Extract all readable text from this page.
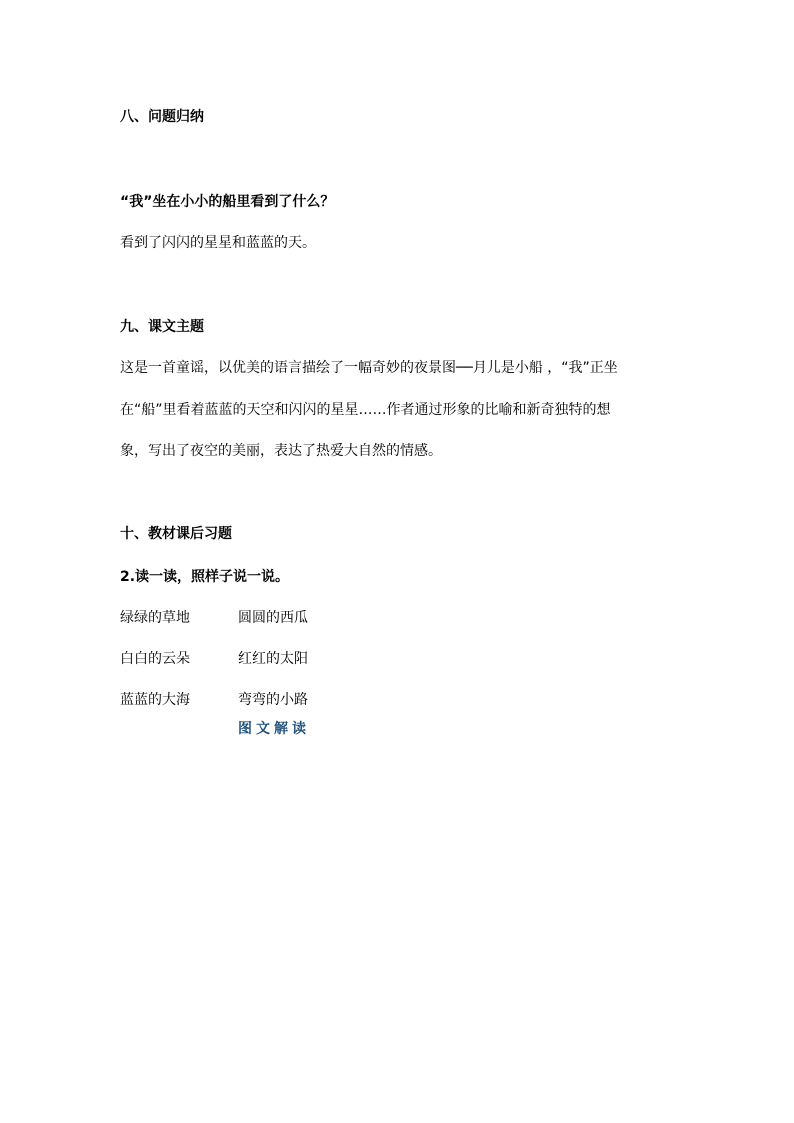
八、问题归纳
“我”坐在小小的船里看到了什么？
看到了闪闪的星星和蓝蓝的天。
九、课文主题
这是一首童谣，以优美的语言描绘了一幅奇妙的夜景图──月儿是小船 ，“我”正坐
在“船”里看着蓝蓝的天空和闪闪的星星……作者通过形象的比喻和新奇独特的想
象，写出了夜空的美丽，表达了热爱大自然的情感。
十、教材课后习题
2.读一读，照样子说一说。
绿绿的草地	圆圆的西瓜
白白的云朵	红红的太阳
蓝蓝的大海	弯弯的小路
图文解读
